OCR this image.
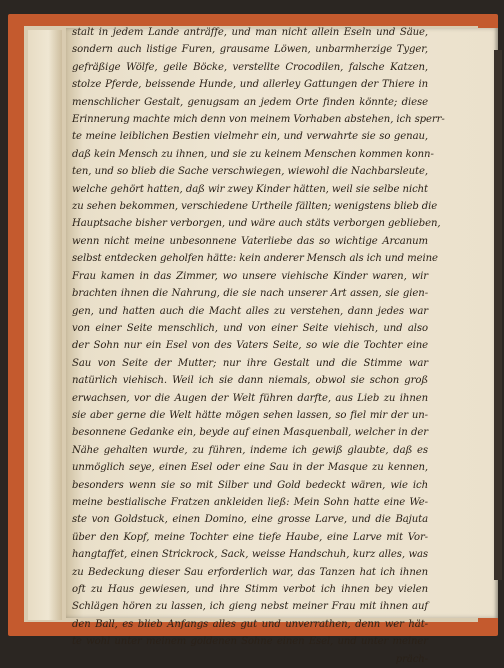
stalt in jedem Lande anträffe, und man nicht allein Eseln und Säue,
sondern auch listige Furen, grausame Löwen, unbarmherzige Tyger,
gefräßige Wölfe, geile Böcke, verstellte Crocodilen, falsche Katzen,
stolze Pferde, beissende Hunde, und allerley Gattungen der Thiere in
menschlicher Gestalt, genugsam an jedem Orte finden könnte; diese
Erinnerung machte mich denn von meinem Vorhaben abstehen, ich sperr-
te meine leiblichen Bestien vielmehr ein, und verwahrte sie so genau,
daß kein Mensch zu ihnen, und sie zu keinem Menschen kommen konn-
ten, und so blieb die Sache verschwiegen, wiewohl die Nachbarsleute,
welche gehört hatten, daß wir zwey Kinder hätten, weil sie selbe nicht
zu sehen bekommen, verschiedene Urtheile fällten; wenigstens blieb die
Hauptsache bisher verborgen, und wäre auch stäts verborgen geblieben,
wenn nicht meine unbesonnene Vaterliebe das so wichtige Arcanum
selbst entdecken geholfen hätte: kein anderer Mensch als ich und meine
Frau kamen in das Zimmer, wo unsere viehische Kinder waren, wir
brachten ihnen die Nahrung, die sie nach unserer Art assen, sie gien-
gen, und hatten auch die Macht alles zu verstehen, dann jedes war
von einer Seite menschlich, und von einer Seite viehisch, und also
der Sohn nur ein Esel von des Vaters Seite, so wie die Tochter eine
Sau von Seite der Mutter; nur ihre Gestalt und die Stimme war
natürlich viehisch. Weil ich sie dann niemals, obwol sie schon groß
erwachsen, vor die Augen der Welt führen darfte, aus Lieb zu ihnen
sie aber gerne die Welt hätte mögen sehen lassen, so fiel mir der un-
besonnene Gedanke ein, beyde auf einen Masquenball, welcher in der
Nähe gehalten wurde, zu führen, indeme ich gewiß glaubte, daß es
unmöglich seye, einen Esel oder eine Sau in der Masque zu kennen,
besonders wenn sie so mit Silber und Gold bedeckt wären, wie ich
meine bestialische Fratzen ankleiden ließ: Mein Sohn hatte eine We-
ste von Goldstuck, einen Domino, eine grosse Larve, und die Bajuta
über den Kopf, meine Tochter eine tiefe Haube, eine Larve mit Vor-
hangtaffet, einen Strickrock, Sack, weisse Handschuh, kurz alles, was
zu Bedeckung dieser Sau erforderlich war, das Tanzen hat ich ihnen
oft zu Haus gewiesen, und ihre Stimm verbot ich ihnen bey vielen
Schlägen hören zu lassen, ich gieng nebst meiner Frau mit ihnen auf
den Ball, es blieb Anfangs alles gut und unverrathen, denn wer hät-
te wohl unter meinem goldenen Sohne einen Esel, und unter meiner
präch-
